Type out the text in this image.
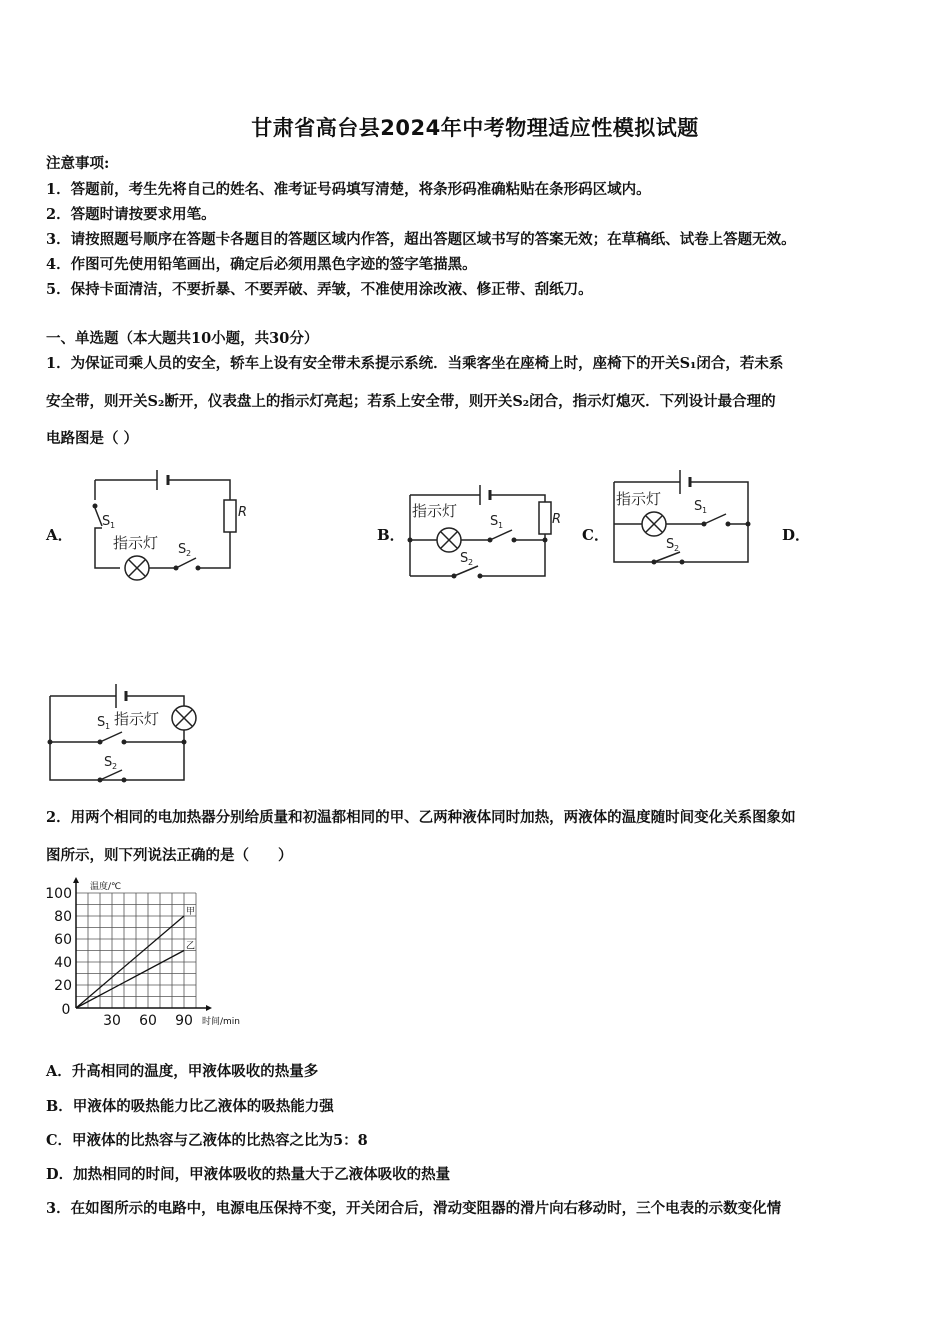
甘肃省高台县2024年中考物理适应性模拟试题
注意事项:
1．答题前，考生先将自己的姓名、准考证号码填写清楚，将条形码准确粘贴在条形码区域内。
2．答题时请按要求用笔。
3．请按照题号顺序在答题卡各题目的答题区域内作答，超出答题区域书写的答案无效；在草稿纸、试卷上答题无效。
4．作图可先使用铅笔画出，确定后必须用黑色字迹的签字笔描黑。
5．保持卡面清洁，不要折暴、不要弄破、弄皱，不准使用涂改液、修正带、刮纸刀。
一、单选题（本大题共10小题，共30分）
1．为保证司乘人员的安全，轿车上设有安全带未系提示系统．当乘客坐在座椅上时，座椅下的开关S₁闭合，若未系
安全带，则开关S₂断开，仪表盘上的指示灯亮起；若系上安全带，则开关S₂闭合，指示灯熄灭．下列设计最合理的
电路图是（ ）
A．	B．	C．	D．
S 1
指示灯 S 2
R	指示灯
S 1
S 2
R
指示灯	S 1
S 2
指示灯
S 1
S 2
2．用两个相同的电加热器分别给质量和初温都相同的甲、乙两种液体同时加热，两液体的温度随时间变化关系图象如
图所示，则下列说法正确的是（　　）
20
40
60
80
100
0
30 60 90 时间/min
温度/℃
甲
乙
A．升高相同的温度，甲液体吸收的热量多
B．甲液体的吸热能力比乙液体的吸热能力强
C．甲液体的比热容与乙液体的比热容之比为5：8
D．加热相同的时间，甲液体吸收的热量大于乙液体吸收的热量
3．在如图所示的电路中，电源电压保持不变，开关闭合后，滑动变阻器的滑片向右移动时，三个电表的示数变化情
